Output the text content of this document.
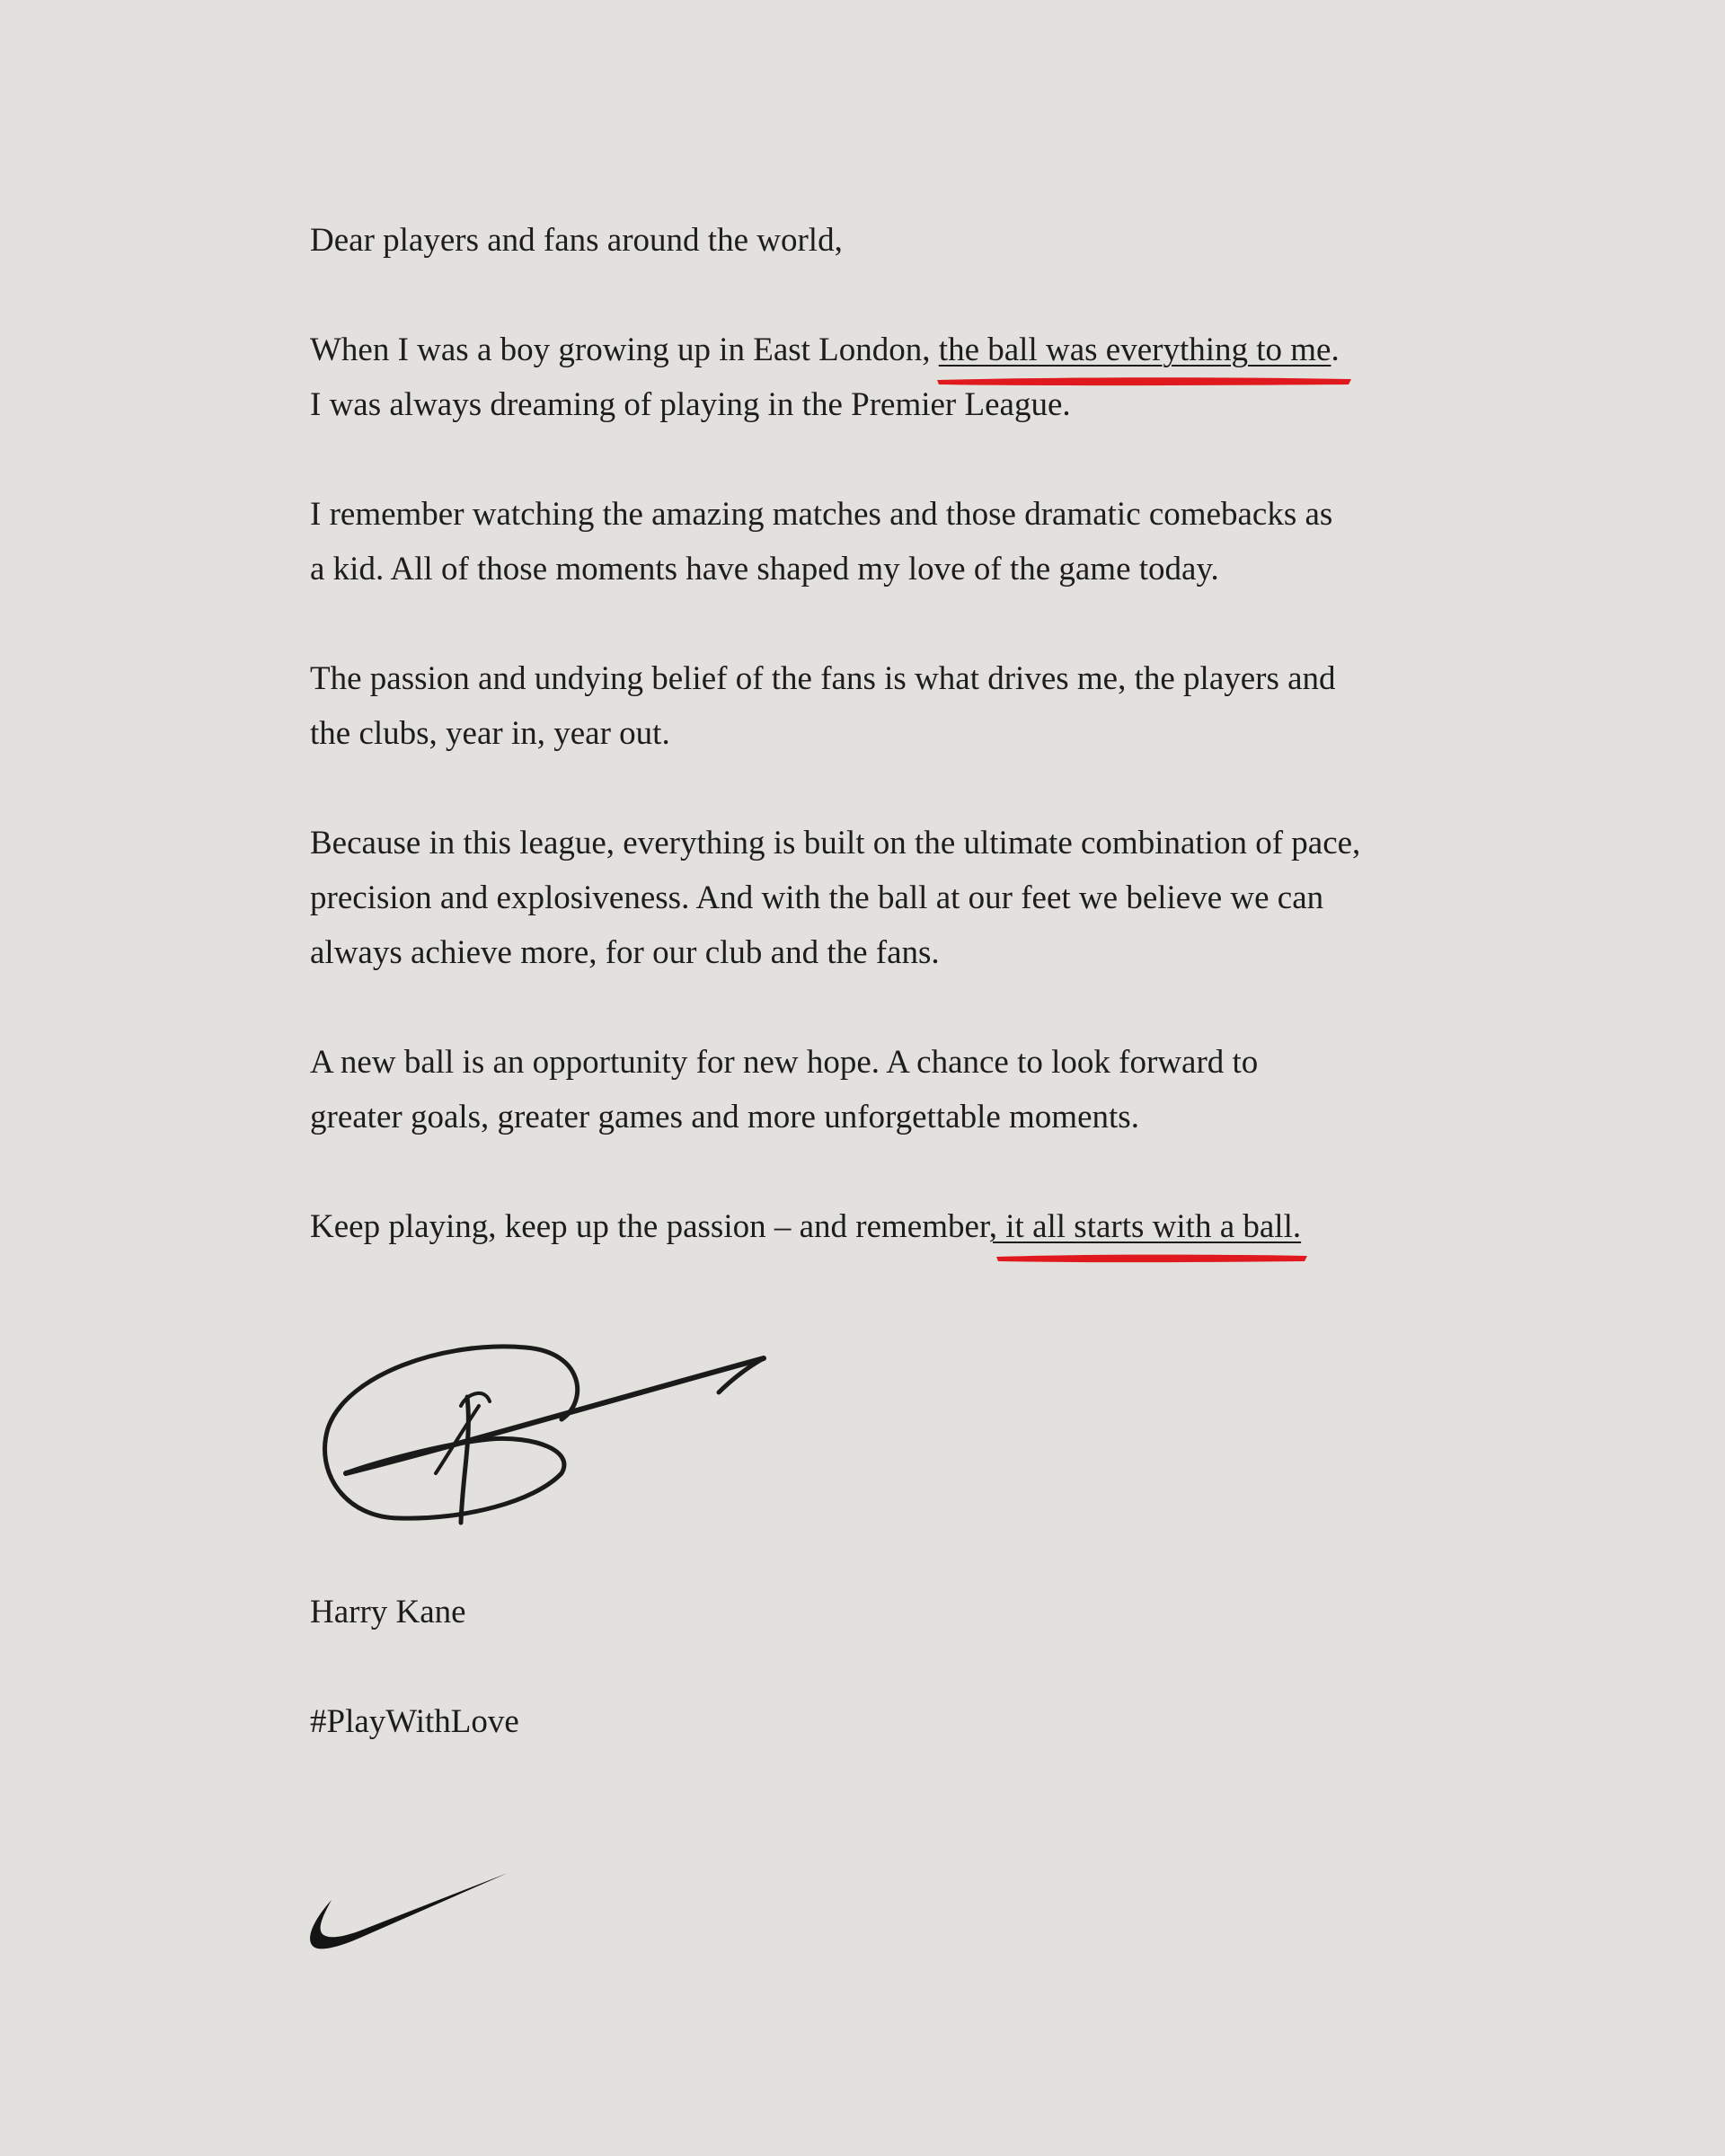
Dear players and fans around the world,

When I was a boy growing up in East London, the ball was everything to me
.
I was always dreaming of playing in the Premier League.

I remember watching the amazing matches and those dramatic comebacks as
a kid. All of those moments have shaped my love of the game today.

The passion and undying belief of the fans is what drives me, the players and
the clubs, year in, year out.

Because in this league, everything is built on the ultimate combination of pace,
precision and explosiveness. And with the ball at our feet we believe we can
always achieve more, for our club and the fans.

A new ball is an opportunity for new hope. A chance to look forward to
greater goals, greater games and more unforgettable moments.

Keep playing, keep up the passion – and remember, it all starts with a ball.

Harry Kane

#PlayWithLove
